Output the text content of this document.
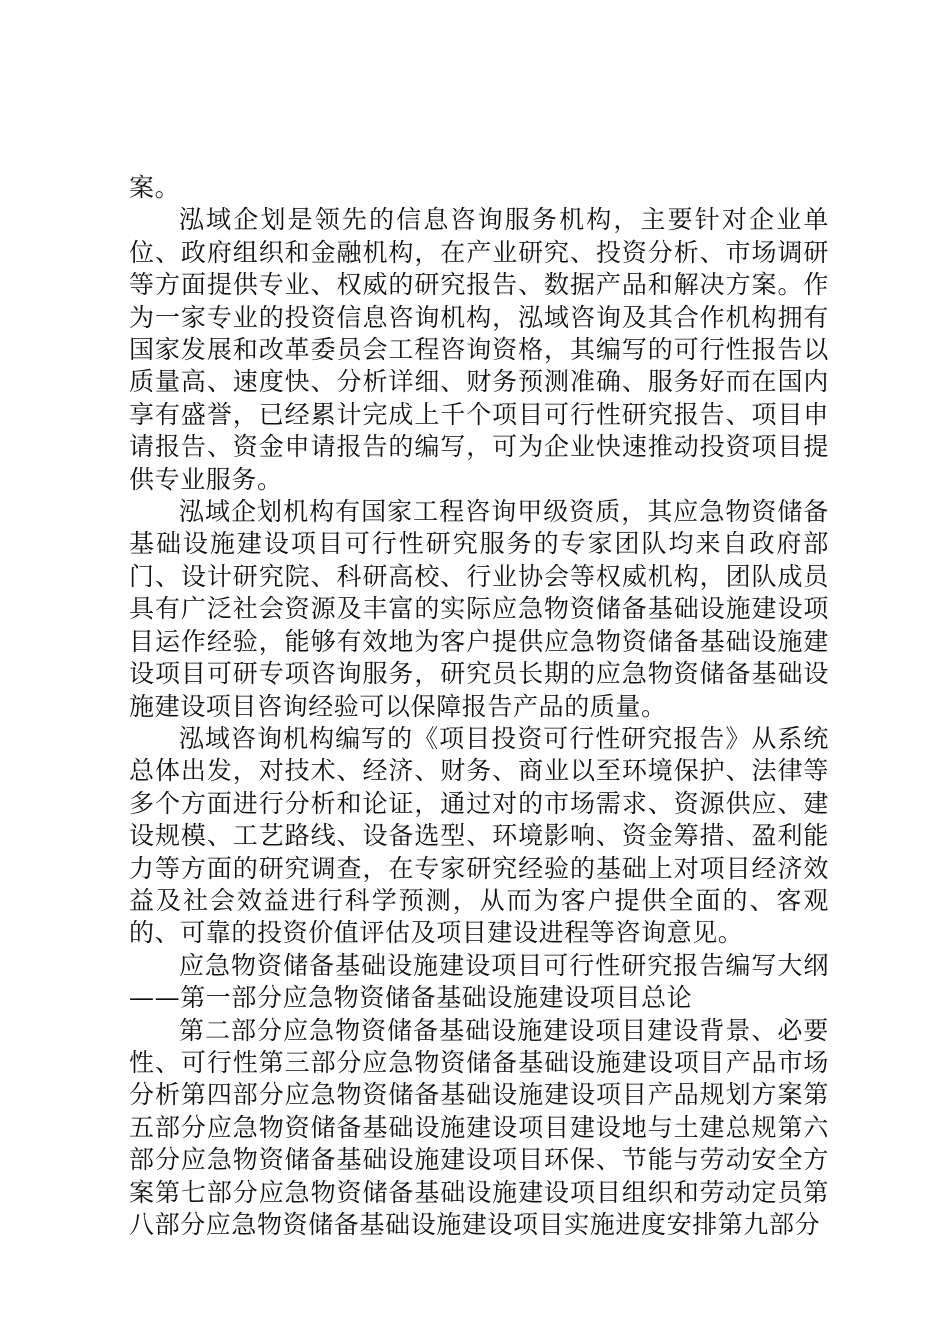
案。

泓域企划是领先的信息咨询服务机构，主要针对企业单位、政府组织和金融机构，在产业研究、投资分析、市场调研等方面提供专业、权威的研究报告、数据产品和解决方案。作为一家专业的投资信息咨询机构，泓域咨询及其合作机构拥有国家发展和改革委员会工程咨询资格，其编写的可行性报告以质量高、速度快、分析详细、财务预测准确、服务好而在国内享有盛誉，已经累计完成上千个项目可行性研究报告、项目申请报告、资金申请报告的编写，可为企业快速推动投资项目提供专业服务。

泓域企划机构有国家工程咨询甲级资质，其应急物资储备基础设施建设项目可行性研究服务的专家团队均来自政府部门、设计研究院、科研高校、行业协会等权威机构，团队成员具有广泛社会资源及丰富的实际应急物资储备基础设施建设项目运作经验，能够有效地为客户提供应急物资储备基础设施建设项目可研专项咨询服务，研究员长期的应急物资储备基础设施建设项目咨询经验可以保障报告产品的质量。

泓域咨询机构编写的《项目投资可行性研究报告》从系统总体出发，对技术、经济、财务、商业以至环境保护、法律等多个方面进行分析和论证，通过对的市场需求、资源供应、建设规模、工艺路线、设备选型、环境影响、资金筹措、盈利能力等方面的研究调查，在专家研究经验的基础上对项目经济效益及社会效益进行科学预测，从而为客户提供全面的、客观的、可靠的投资价值评估及项目建设进程等咨询意见。

应急物资储备基础设施建设项目可行性研究报告编写大纲——第一部分应急物资储备基础设施建设项目总论

第二部分应急物资储备基础设施建设项目建设背景、必要性、可行性第三部分应急物资储备基础设施建设项目产品市场分析第四部分应急物资储备基础设施建设项目产品规划方案第五部分应急物资储备基础设施建设项目建设地与土建总规第六部分应急物资储备基础设施建设项目环保、节能与劳动安全方案第七部分应急物资储备基础设施建设项目组织和劳动定员第八部分应急物资储备基础设施建设项目实施进度安排第九部分
